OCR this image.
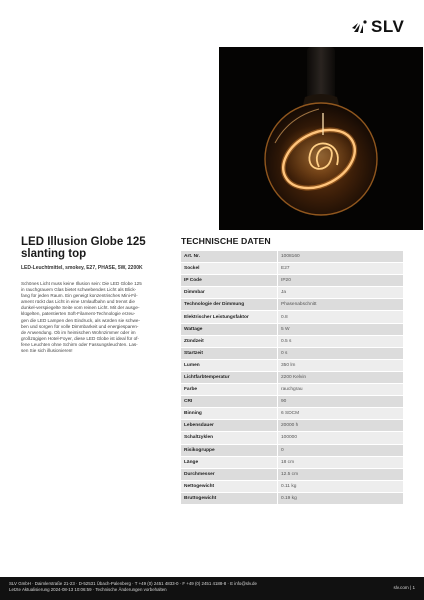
SLV
LED Illusion Globe 125
slanting top
LED-Leuchtmittel, smokey, E27, PHASE, 5W, 2200K
Schönes Licht muss keine Illusion sein: Die LED Globe 125
in rauchgrauem Glas bietet schwebendes Licht als Blick-
fang für jeden Raum. Ein geneigt konzentrisches Mini-Fil-
ament rückt das Licht in eine Umlaufbahn und trennt die
dunkel-verspiegelte Seite vom reinen Licht. Mit der ausge-
klügelten, patentierten Soft-Filament-Technologie erzeu-
gen die LED Lampen den Eindruck, als würden sie schwe-
ben und sorgen für volle Dimmbarkeit und energiesparen-
de Anwendung. Ob im heimischen Wohnzimmer oder im
großzügigen Hotel-Foyer, diese LED Globe ist ideal für of-
fene Leuchten ohne Schirm oder Fassungsleuchten. Las-
sen Sie sich illusionieren!
TECHNISCHE DATEN
Art. Nr.	1008160
Sockel	E27
IP Code	IP20
Dimmbar	Ja
Technologie der Dimmung	Phasenabschnitt
Elektrischer Leistungsfaktor	0.8
Wattage	5 W
Zündzeit	0.5 s
Startzeit	0 s
Lumen	350 lm
Lichtfarbtemperatur	2200 Kelvin
Farbe	rauchgrau
CRI	90
Binning	6 SDCM
Lebensdauer	20000 h
Schaltzyklen	100000
Risikogruppe	0
Länge	18 cm
Durchmesser	12.5 cm
Nettogewicht	0.11 kg
Bruttogewicht	0.19 kg
SLV GmbH · Daimlerstraße 21-23 · D-52531 Übach-Palenberg · T +49 (0) 2451 4833-0 · F +49 (0) 2451 4188-8 · E info@slv.de
Letzte Aktualisierung 2024-08-13 10:06:59 · Technische Änderungen vorbehalten	slv.com | 1
